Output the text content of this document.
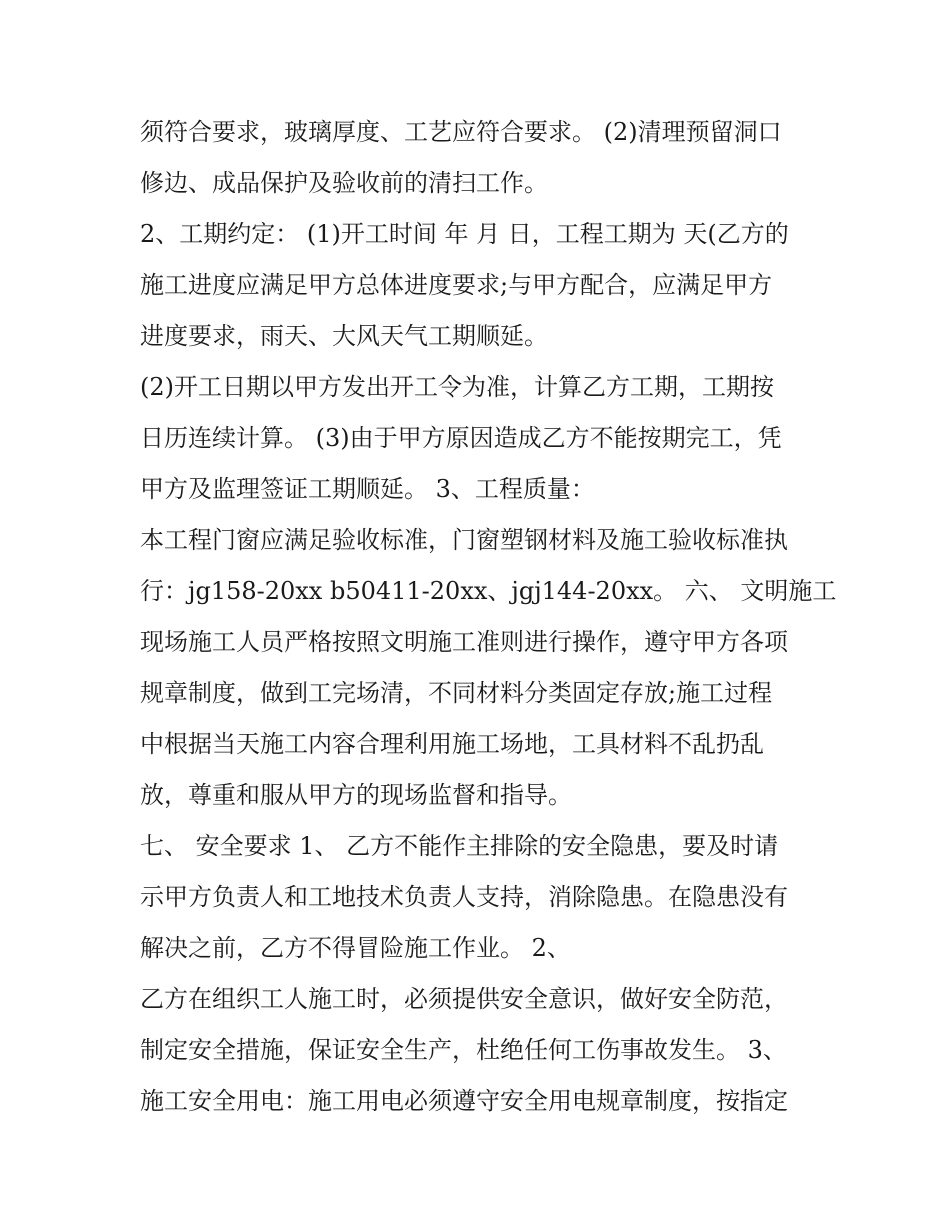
须符合要求，玻璃厚度、工艺应符合要求。 (2)清理预留洞口
修边、成品保护及验收前的清扫工作。
2、工期约定： (1)开工时间 年 月 日，工程工期为 天(乙方的
施工进度应满足甲方总体进度要求;与甲方配合，应满足甲方
进度要求，雨天、大风天气工期顺延。
(2)开工日期以甲方发出开工令为准，计算乙方工期，工期按
日历连续计算。 (3)由于甲方原因造成乙方不能按期完工，凭
甲方及监理签证工期顺延。 3、工程质量：
本工程门窗应满足验收标准，门窗塑钢材料及施工验收标准执
行：jg158-20xx b50411-20xx、jgj144-20xx。 六、 文明施工
现场施工人员严格按照文明施工准则进行操作，遵守甲方各项
规章制度，做到工完场清，不同材料分类固定存放;施工过程
中根据当天施工内容合理利用施工场地，工具材料不乱扔乱
放，尊重和服从甲方的现场监督和指导。
七、 安全要求 1、 乙方不能作主排除的安全隐患，要及时请
示甲方负责人和工地技术负责人支持，消除隐患。在隐患没有
解决之前，乙方不得冒险施工作业。 2、
乙方在组织工人施工时，必须提供安全意识，做好安全防范，
制定安全措施，保证安全生产，杜绝任何工伤事故发生。 3、
施工安全用电：施工用电必须遵守安全用电规章制度，按指定
